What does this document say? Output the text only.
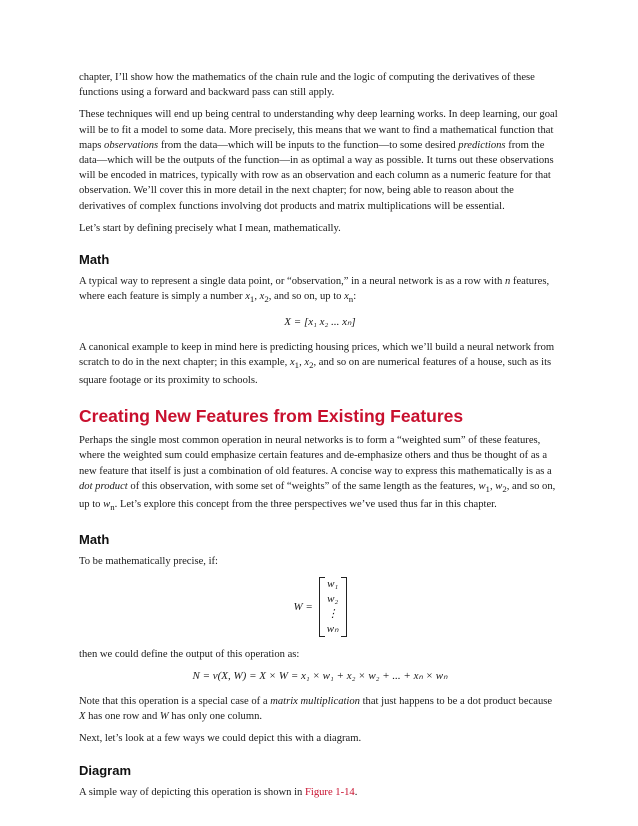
chapter, I’ll show how the mathematics of the chain rule and the logic of computing the derivatives of these functions using a forward and backward pass can still apply.

These techniques will end up being central to understanding why deep learning works. In deep learning, our goal will be to fit a model to some data. More precisely, this means that we want to find a mathematical function that maps observations from the data—which will be inputs to the function—to some desired predictions from the data—which will be the outputs of the function—in as optimal a way as possible. It turns out these observations will be encoded in matrices, typically with row as an observation and each column as a numeric feature for that observation. We’ll cover this in more detail in the next chapter; for now, being able to reason about the derivatives of complex functions involving dot products and matrix multiplications will be essential.

Let’s start by defining precisely what I mean, mathematically.

Math

A typical way to represent a single data point, or “observation,” in a neural network is as a row with n features, where each feature is simply a number $x_1$, $x_2$, and so on, up to $x_n$:

X = [x₁ x₂ ... xₙ]

A canonical example to keep in mind here is predicting housing prices, which we’ll build a neural network from scratch to do in the next chapter; in this example, $x_1$, $x_2$, and so on are numerical features of a house, such as its square footage or its proximity to schools.

Creating New Features from Existing Features

Perhaps the single most common operation in neural networks is to form a “weighted sum” of these features, where the weighted sum could emphasize certain features and de-emphasize others and thus be thought of as a new feature that itself is just a combination of old features. A concise way to express this mathematically is as a dot product of this observation, with some set of “weights” of the same length as the features, $w_1$, $w_2$, and so on, up to $w_n$. Let’s explore this concept from the three perspectives we’ve used thus far in this chapter.

Math

To be mathematically precise, if:

W =
w₁
w₂
⋮
wₙ

then we could define the output of this operation as:

N = ν(X, W) = X × W = x₁ × w₁ + x₂ × w₂ + ... + xₙ × wₙ

Note that this operation is a special case of a matrix multiplication that just happens to be a dot product because X has one row and W has only one column.

Next, let’s look at a few ways we could depict this with a diagram.

Diagram

A simple way of depicting this operation is shown in Figure 1-14.
